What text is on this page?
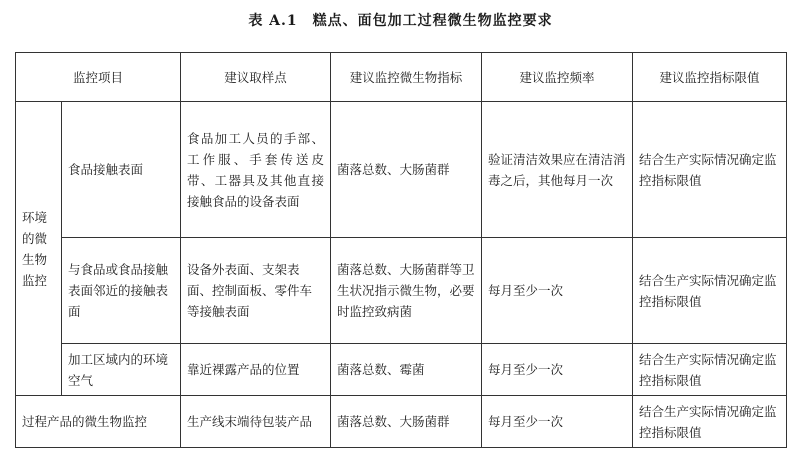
表 A.1　糕点、面包加工过程微生物监控要求
监控项目		建议取样点	建议监控微生物指标	建议监控频率	建议监控指标限值
环境的微生物监控	食品接触表面	食品加工人员的手部、工作服、手套传送皮带、工器具及其他直接接触食品的设备表面	菌落总数、大肠菌群	验证清洁效果应在清洁消毒之后，其他每月一次	结合生产实际情况确定监控指标限值
	与食品或食品接触表面邻近的接触表面	设备外表面、支架表面、控制面板、零件车等接触表面	菌落总数、大肠菌群等卫生状况指示微生物，必要时监控致病菌	每月至少一次	结合生产实际情况确定监控指标限值
	加工区域内的环境空气	靠近裸露产品的位置	菌落总数、霉菌	每月至少一次	结合生产实际情况确定监控指标限值
过程产品的微生物监控		生产线末端待包装产品	菌落总数、大肠菌群	每月至少一次	结合生产实际情况确定监控指标限值
